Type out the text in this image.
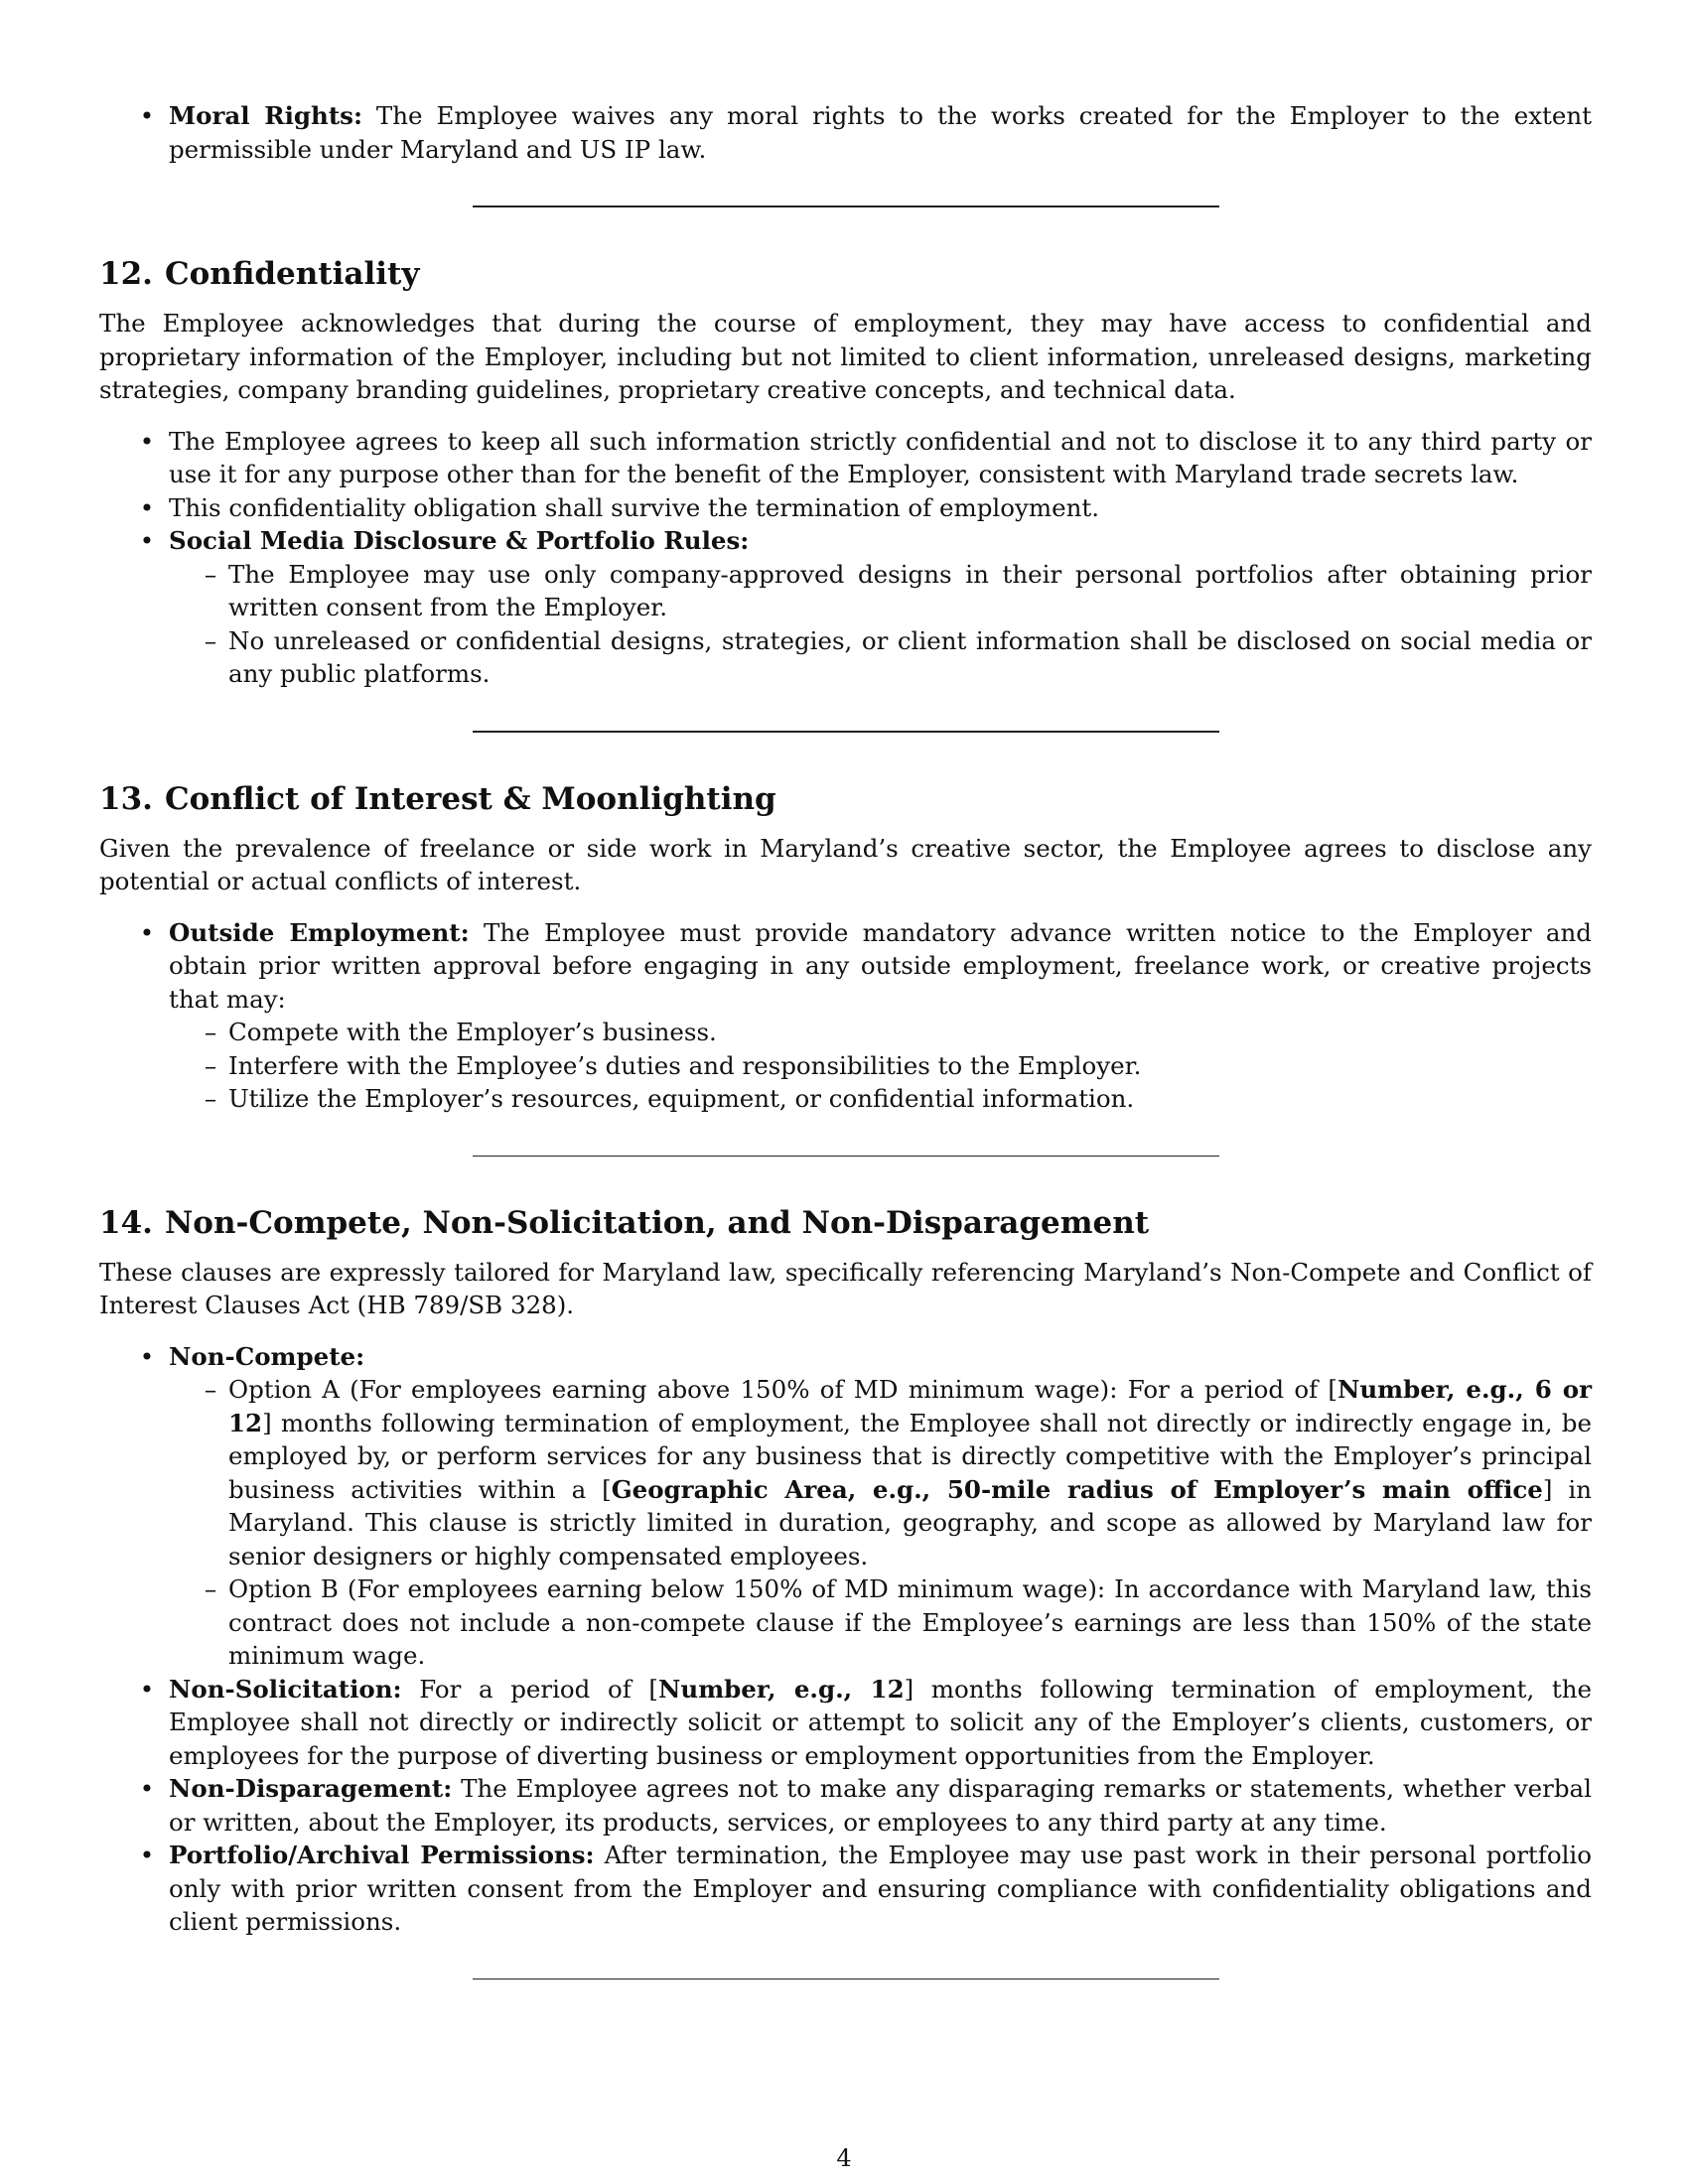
• Moral Rights: The Employee waives any moral rights to the works created for the Employer to the extent permissible under Maryland and US IP law.
12. Confidentiality

The Employee acknowledges that during the course of employment, they may have access to confidential and proprietary information of the Employer, including but not limited to client information, unreleased designs, marketing strategies, company branding guidelines, proprietary creative concepts, and technical data.

• The Employee agrees to keep all such information strictly confidential and not to disclose it to any third party or use it for any purpose other than for the benefit of the Employer, consistent with Maryland trade secrets law.
• This confidentiality obligation shall survive the termination of employment.
• Social Media Disclosure & Portfolio Rules:
– The Employee may use only company-approved designs in their personal portfolios after obtaining prior written consent from the Employer.
– No unreleased or confidential designs, strategies, or client information shall be disclosed on social media or any public platforms.
13. Conflict of Interest & Moonlighting

Given the prevalence of freelance or side work in Maryland’s creative sector, the Employee agrees to disclose any potential or actual conflicts of interest.

• Outside Employment: The Employee must provide mandatory advance written notice to the Employer and obtain prior written approval before engaging in any outside employment, freelance work, or creative projects that may:
– Compete with the Employer’s business.
– Interfere with the Employee’s duties and responsibilities to the Employer.
– Utilize the Employer’s resources, equipment, or confidential information.
14. Non-Compete, Non-Solicitation, and Non-Disparagement

These clauses are expressly tailored for Maryland law, specifically referencing Maryland’s Non-Compete and Conflict of Interest Clauses Act (HB 789/SB 328).

• Non-Compete:
– Option A (For employees earning above 150% of MD minimum wage): For a period of [Number, e.g., 6 or 12] months following termination of employment, the Employee shall not directly or indirectly engage in, be employed by, or perform services for any business that is directly competitive with the Employer’s principal business activities within a [Geographic Area, e.g., 50-mile radius of Employer’s main office] in Maryland. This clause is strictly limited in duration, geography, and scope as allowed by Maryland law for senior designers or highly compensated employees.
– Option B (For employees earning below 150% of MD minimum wage): In accordance with Maryland law, this contract does not include a non-compete clause if the Employee’s earnings are less than 150% of the state minimum wage.
• Non-Solicitation: For a period of [Number, e.g., 12] months following termination of employment, the Employee shall not directly or indirectly solicit or attempt to solicit any of the Employer’s clients, customers, or employees for the purpose of diverting business or employment opportunities from the Employer.
• Non-Disparagement: The Employee agrees not to make any disparaging remarks or statements, whether verbal or written, about the Employer, its products, services, or employees to any third party at any time.
• Portfolio/Archival Permissions: After termination, the Employee may use past work in their personal portfolio only with prior written consent from the Employer and ensuring compliance with confidentiality obligations and client permissions.
4
